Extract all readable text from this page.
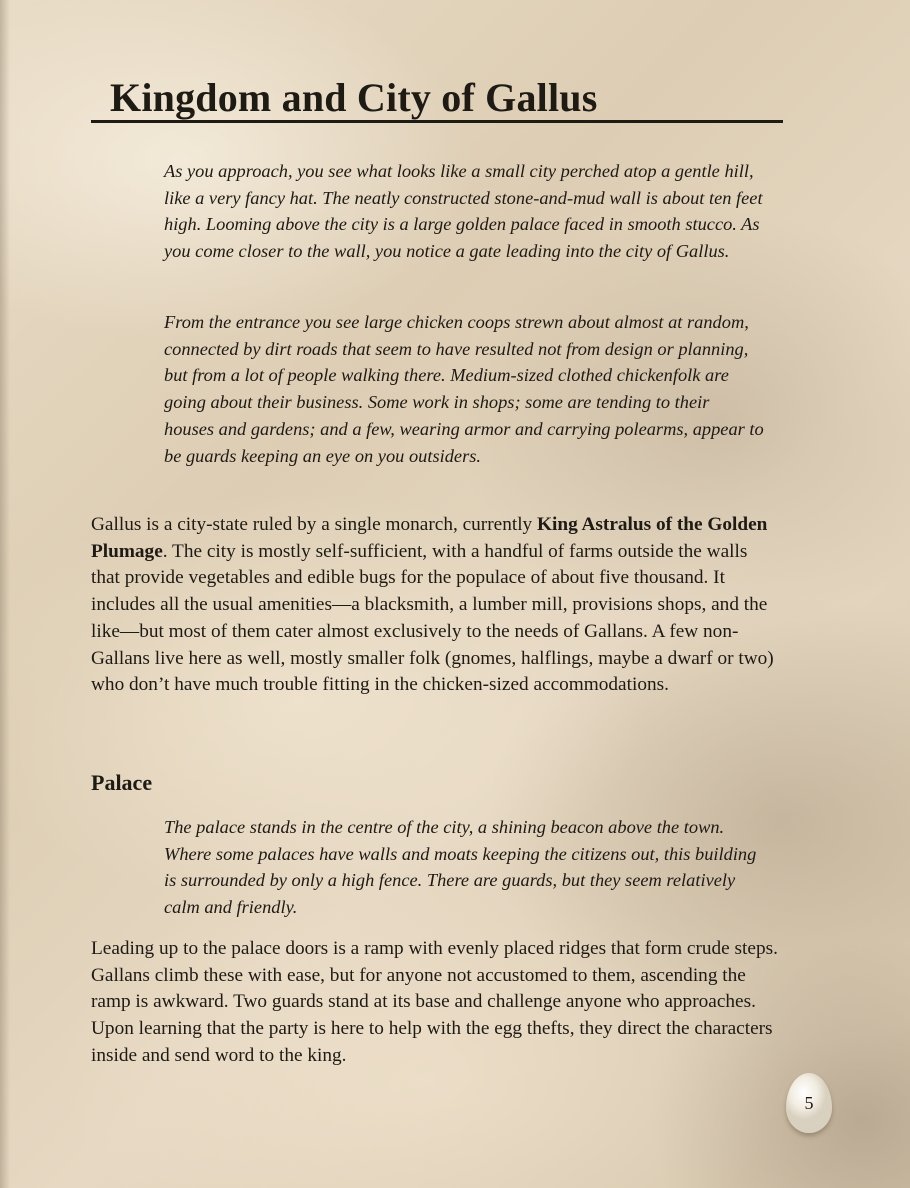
Kingdom and City of Gallus

As you approach, you see what looks like a small city perched atop a gentle hill, like a very fancy hat. The neatly constructed stone-and-mud wall is about ten feet high. Looming above the city is a large golden palace faced in smooth stucco. As you come closer to the wall, you notice a gate leading into the city of Gallus.

From the entrance you see large chicken coops strewn about almost at random, connected by dirt roads that seem to have resulted not from design or planning, but from a lot of people walking there. Medium-sized clothed chickenfolk are going about their business. Some work in shops; some are tending to their houses and gardens; and a few, wearing armor and carrying polearms, appear to be guards keeping an eye on you outsiders.

Gallus is a city-state ruled by a single monarch, currently King Astralus of the Golden Plumage. The city is mostly self-sufficient, with a handful of farms outside the walls that provide vegetables and edible bugs for the populace of about five thousand. It includes all the usual amenities—a blacksmith, a lumber mill, provisions shops, and the like—but most of them cater almost exclusively to the needs of Gallans. A few non-Gallans live here as well, mostly smaller folk (gnomes, halflings, maybe a dwarf or two) who don’t have much trouble fitting in the chicken-sized accommodations.

Palace

The palace stands in the centre of the city, a shining beacon above the town. Where some palaces have walls and moats keeping the citizens out, this building is surrounded by only a high fence. There are guards, but they seem relatively calm and friendly.

Leading up to the palace doors is a ramp with evenly placed ridges that form crude steps. Gallans climb these with ease, but for anyone not accustomed to them, ascending the ramp is awkward. Two guards stand at its base and challenge anyone who approaches. Upon learning that the party is here to help with the egg thefts, they direct the characters inside and send word to the king.

5
